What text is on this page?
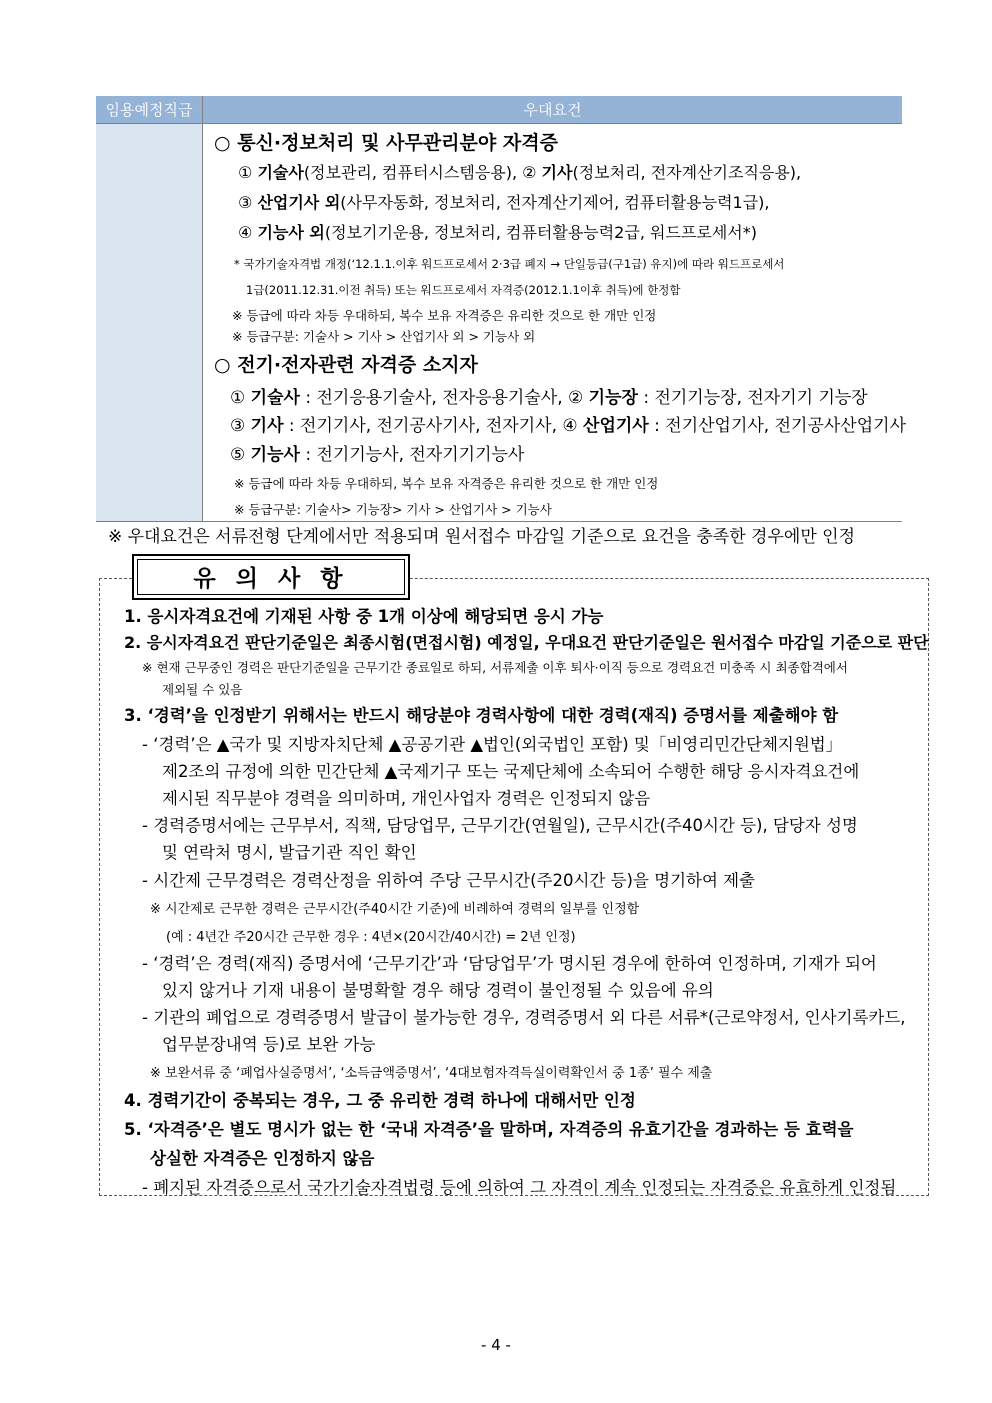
임용예정직급	우대요건

○ 통신·정보처리 및 사무관리분야 자격증
① 기술사(정보관리, 컴퓨터시스템응용), ② 기사(정보처리, 전자계산기조직응용),
③ 산업기사 외(사무자동화, 정보처리, 전자계산기제어, 컴퓨터활용능력1급),
④ 기능사 외(정보기기운용, 정보처리, 컴퓨터활용능력2급, 워드프로세서*)
* 국가기술자격법 개정(‘12.1.1.이후 워드프로세서 2·3급 폐지 → 단일등급(구1급) 유지)에 따라 워드프로세서
1급(2011.12.31.이전 취득) 또는 워드프로세서 자격증(2012.1.1이후 취득)에 한정함
※ 등급에 따라 차등 우대하되, 복수 보유 자격증은 유리한 것으로 한 개만 인정
※ 등급구분: 기술사 > 기사 > 산업기사 외 > 기능사 외
○ 전기·전자관련 자격증 소지자
① 기술사 : 전기응용기술사, 전자응용기술사, ② 기능장 : 전기기능장, 전자기기 기능장
③ 기사 : 전기기사, 전기공사기사, 전자기사, ④ 산업기사 : 전기산업기사, 전기공사산업기사
⑤ 기능사 : 전기기능사, 전자기기기능사
※ 등급에 따라 차등 우대하되, 복수 보유 자격증은 유리한 것으로 한 개만 인정
※ 등급구분: 기술사> 기능장> 기사 > 산업기사 > 기능사
※ 우대요건은 서류전형 단계에서만 적용되며 원서접수 마감일 기준으로 요건을 충족한 경우에만 인정
유 의 사 항
1. 응시자격요건에 기재된 사항 중 1개 이상에 해당되면 응시 가능
2. 응시자격요건 판단기준일은 최종시험(면접시험) 예정일, 우대요건 판단기준일은 원서접수 마감일 기준으로 판단
※ 현재 근무중인 경력은 판단기준일을 근무기간 종료일로 하되, 서류제출 이후 퇴사·이직 등으로 경력요건 미충족 시 최종합격에서
제외될 수 있음
3. ‘경력’을 인정받기 위해서는 반드시 해당분야 경력사항에 대한 경력(재직) 증명서를 제출해야 함
- ‘경력’은 ▲국가 및 지방자치단체 ▲공공기관 ▲법인(외국법인 포함) 및「비영리민간단체지원법」
제2조의 규정에 의한 민간단체 ▲국제기구 또는 국제단체에 소속되어 수행한 해당 응시자격요건에
제시된 직무분야 경력을 의미하며, 개인사업자 경력은 인정되지 않음
- 경력증명서에는 근무부서, 직책, 담당업무, 근무기간(연월일), 근무시간(주40시간 등), 담당자 성명
및 연락처 명시, 발급기관 직인 확인
- 시간제 근무경력은 경력산정을 위하여 주당 근무시간(주20시간 등)을 명기하여 제출
※ 시간제로 근무한 경력은 근무시간(주40시간 기준)에 비례하여 경력의 일부를 인정함
(예 : 4년간 주20시간 근무한 경우 : 4년×(20시간/40시간) = 2년 인정)
- ‘경력’은 경력(재직) 증명서에 ‘근무기간’과 ‘담당업무’가 명시된 경우에 한하여 인정하며, 기재가 되어
있지 않거나 기재 내용이 불명확할 경우 해당 경력이 불인정될 수 있음에 유의
- 기관의 폐업으로 경력증명서 발급이 불가능한 경우, 경력증명서 외 다른 서류*(근로약정서, 인사기록카드,
업무분장내역 등)로 보완 가능
※ 보완서류 중 ‘폐업사실증명서’, ‘소득금액증명서’, ‘4대보험자격득실이력확인서 중 1종’ 필수 제출
4. 경력기간이 중복되는 경우, 그 중 유리한 경력 하나에 대해서만 인정
5. ‘자격증’은 별도 명시가 없는 한 ‘국내 자격증’을 말하며, 자격증의 유효기간을 경과하는 등 효력을
상실한 자격증은 인정하지 않음
- 폐지된 자격증으로서 국가기술자격법령 등에 의하여 그 자격이 계속 인정되는 자격증은 유효하게 인정됨
- 4 -
